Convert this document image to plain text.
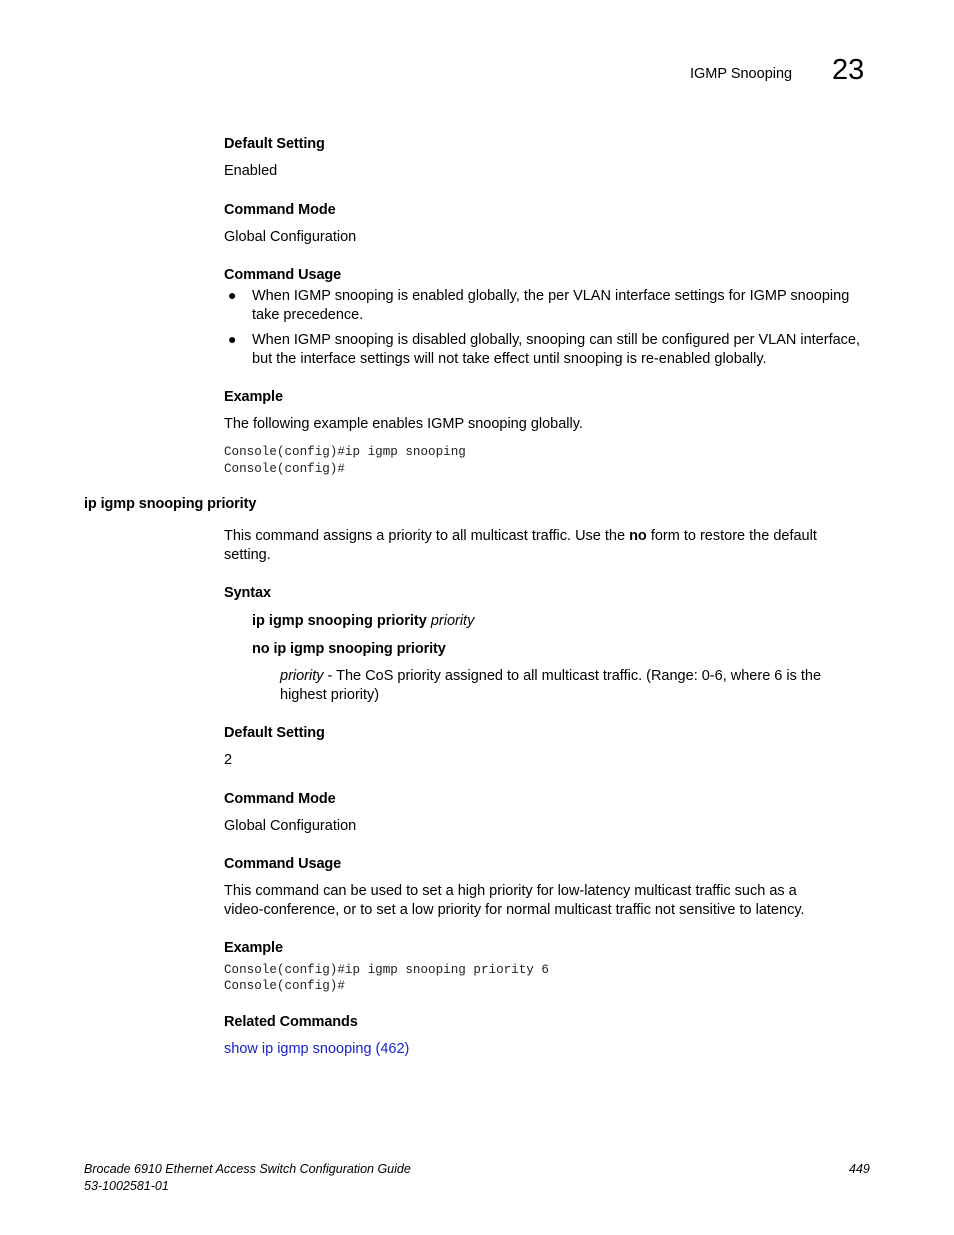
IGMP Snooping 23
Default Setting
Enabled
Command Mode
Global Configuration
Command Usage
● When IGMP snooping is enabled globally, the per VLAN interface settings for IGMP snooping take precedence.
● When IGMP snooping is disabled globally, snooping can still be configured per VLAN interface, but the interface settings will not take effect until snooping is re-enabled globally.
Example
The following example enables IGMP snooping globally.
Console(config)#ip igmp snooping
Console(config)#
ip igmp snooping priority
This command assigns a priority to all multicast traffic. Use the no form to restore the default
setting.
Syntax
ip igmp snooping priority priority
no ip igmp snooping priority
priority - The CoS priority assigned to all multicast traffic. (Range: 0-6, where 6 is the
highest priority)
Default Setting
2
Command Mode
Global Configuration
Command Usage
This command can be used to set a high priority for low-latency multicast traffic such as a
video-conference, or to set a low priority for normal multicast traffic not sensitive to latency.
Example
Console(config)#ip igmp snooping priority 6
Console(config)#
Related Commands
show ip igmp snooping (462)
Brocade 6910 Ethernet Access Switch Configuration Guide
53-1002581-01
449
